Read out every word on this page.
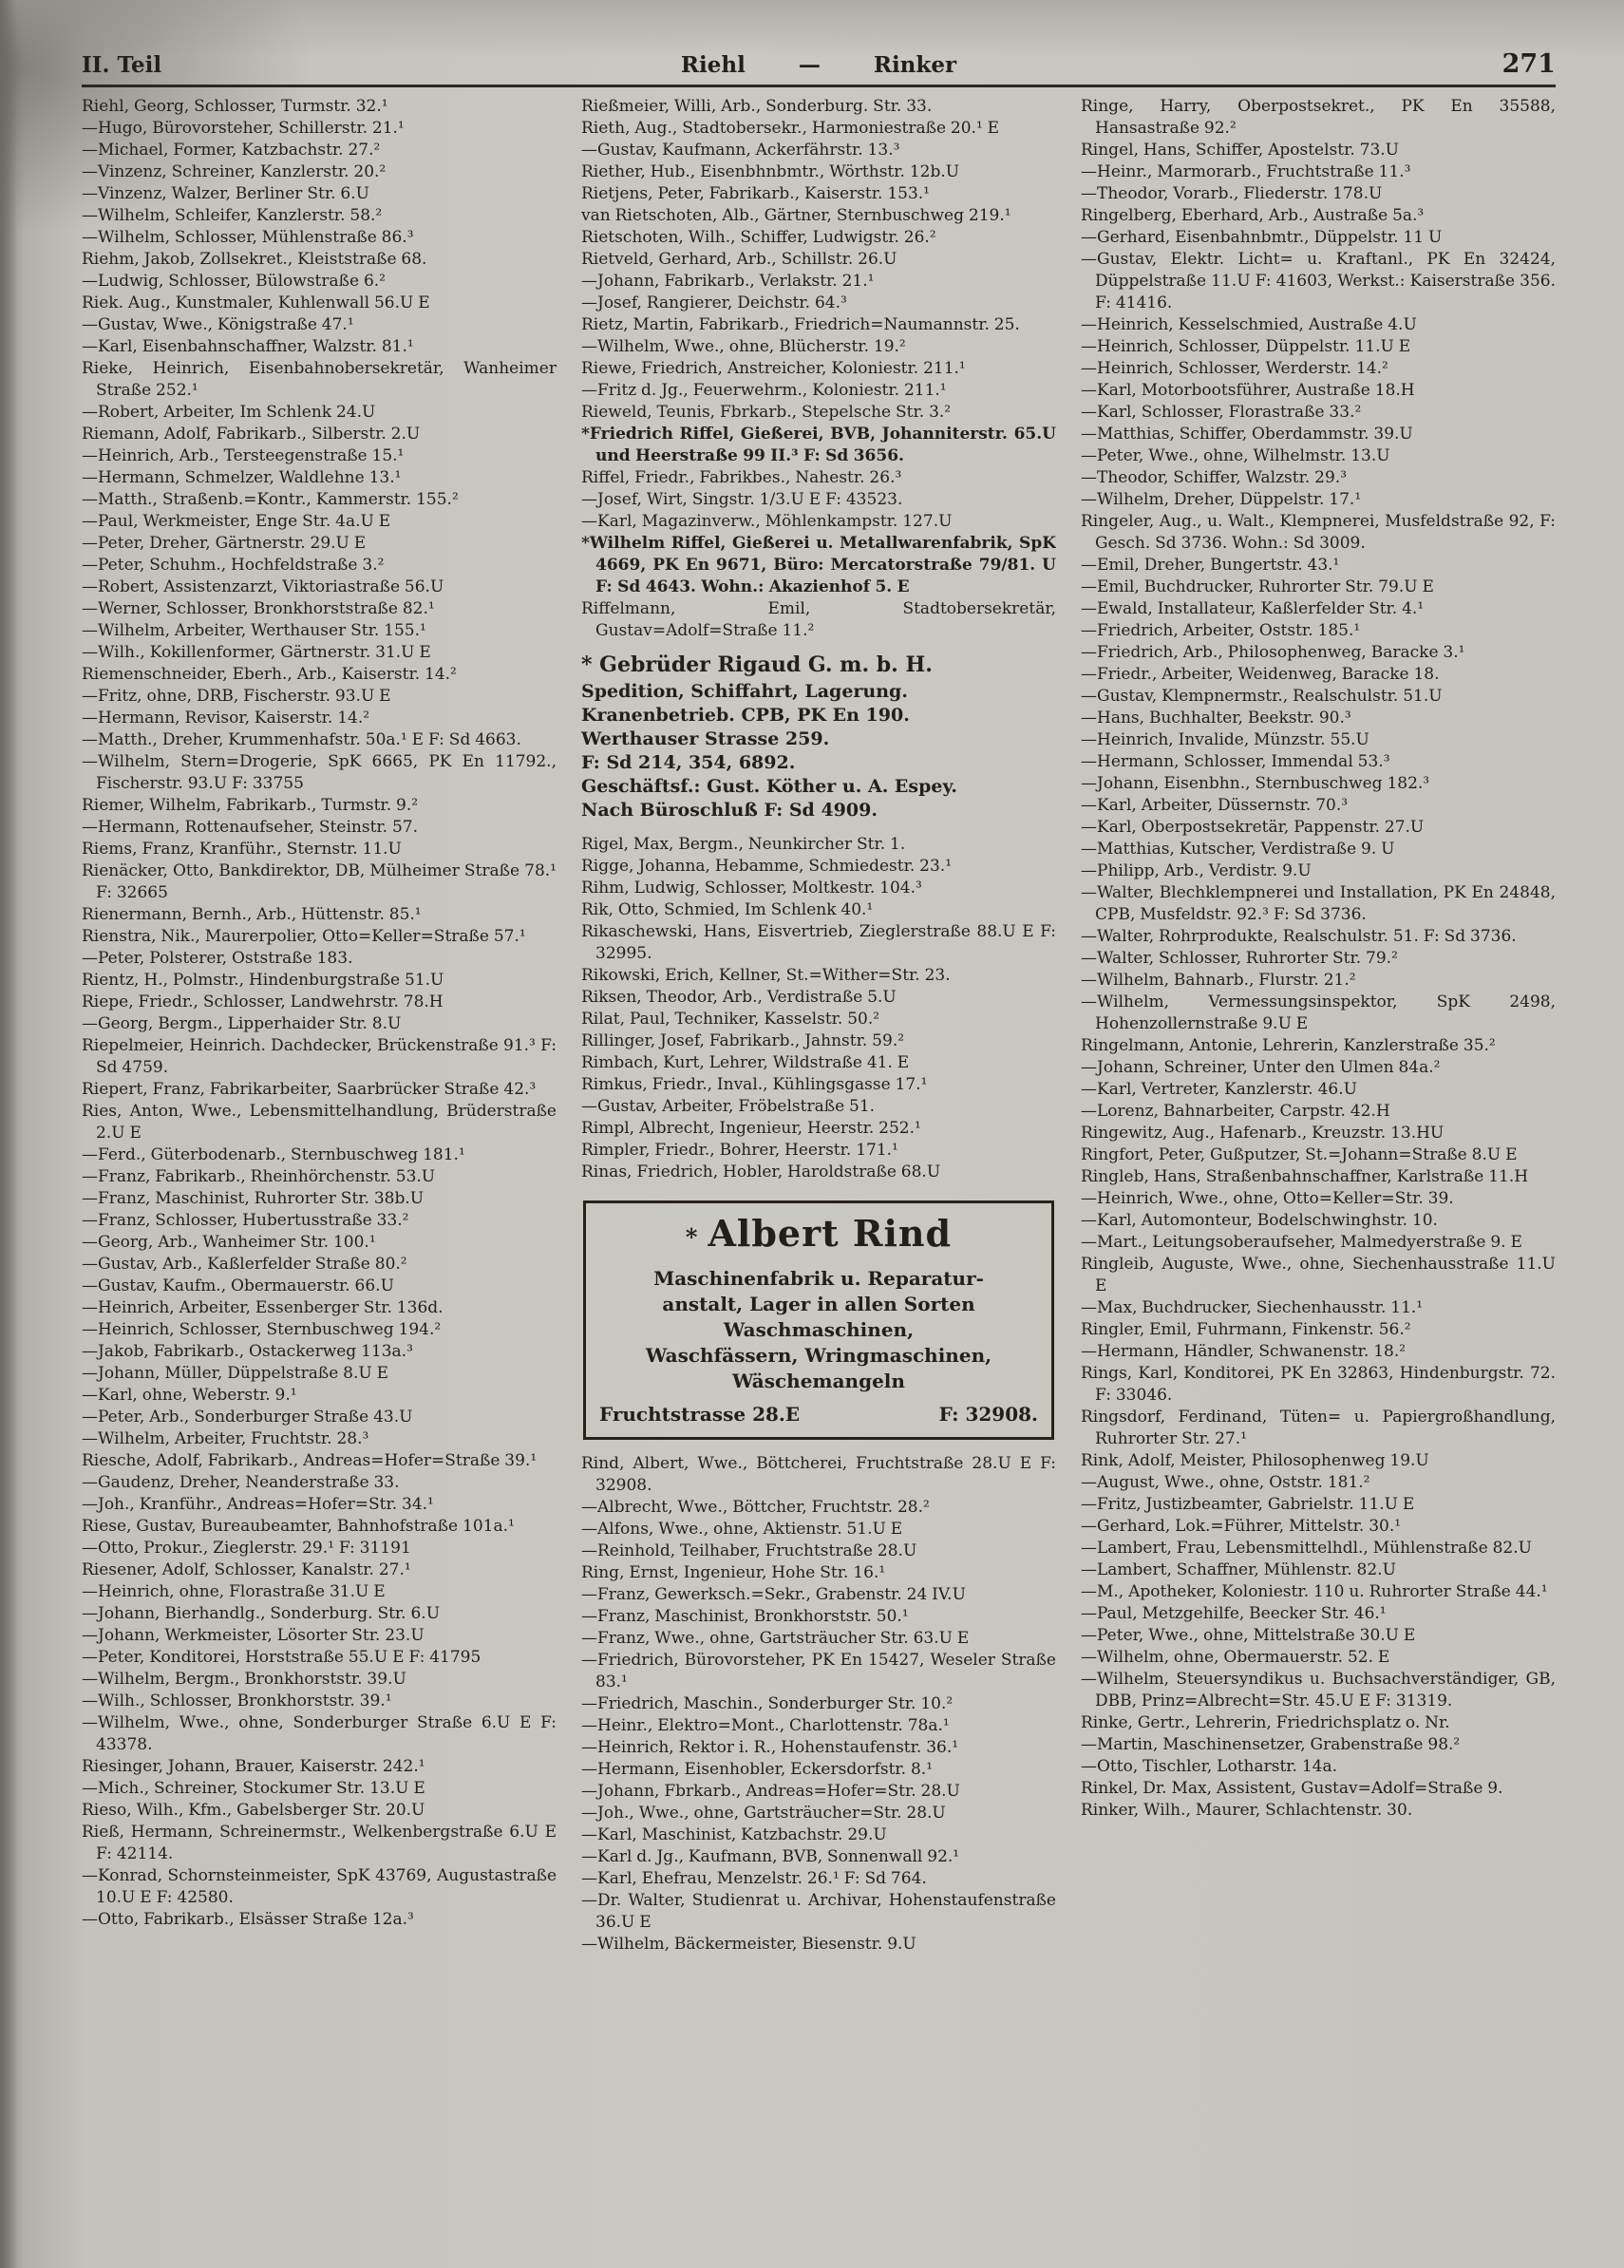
II. Teil	Riehl — Rinker	271

Riehl, Georg, Schlosser, Turmstr. 32.¹

—Hugo, Bürovorsteher, Schillerstr. 21.¹

—Michael, Former, Katzbachstr. 27.²

—Vinzenz, Schreiner, Kanzlerstr. 20.²

—Vinzenz, Walzer, Berliner Str. 6.U

—Wilhelm, Schleifer, Kanzlerstr. 58.²

—Wilhelm, Schlosser, Mühlenstraße 86.³

Riehm, Jakob, Zollsekret., Kleiststraße 68.

—Ludwig, Schlosser, Bülowstraße 6.²

Riek. Aug., Kunstmaler, Kuhlenwall 56.U E

—Gustav, Wwe., Königstraße 47.¹

—Karl, Eisenbahnschaffner, Walzstr. 81.¹

Rieke, Heinrich, Eisenbahnobersekretär, Wanheimer Straße 252.¹

—Robert, Arbeiter, Im Schlenk 24.U

Riemann, Adolf, Fabrikarb., Silberstr. 2.U

—Heinrich, Arb., Tersteegenstraße 15.¹

—Hermann, Schmelzer, Waldlehne 13.¹

—Matth., Straßenb.=Kontr., Kammerstr. 155.²

—Paul, Werkmeister, Enge Str. 4a.U E

—Peter, Dreher, Gärtnerstr. 29.U E

—Peter, Schuhm., Hochfeldstraße 3.²

—Robert, Assistenzarzt, Viktoriastraße 56.U

—Werner, Schlosser, Bronkhorststraße 82.¹

—Wilhelm, Arbeiter, Werthauser Str. 155.¹

—Wilh., Kokillenformer, Gärtnerstr. 31.U E

Riemenschneider, Eberh., Arb., Kaiserstr. 14.²

—Fritz, ohne, DRB, Fischerstr. 93.U E

—Hermann, Revisor, Kaiserstr. 14.²

—Matth., Dreher, Krummenhafstr. 50a.¹ E F: Sd 4663.

—Wilhelm, Stern=Drogerie, SpK 6665, PK En 11792., Fischerstr. 93.U F: 33755

Riemer, Wilhelm, Fabrikarb., Turmstr. 9.²

—Hermann, Rottenaufseher, Steinstr. 57.

Riems, Franz, Kranführ., Sternstr. 11.U

Rienäcker, Otto, Bankdirektor, DB, Mülheimer Straße 78.¹ F: 32665

Rienermann, Bernh., Arb., Hüttenstr. 85.¹

Rienstra, Nik., Maurerpolier, Otto=Keller=Straße 57.¹

—Peter, Polsterer, Oststraße 183.

Rientz, H., Polmstr., Hindenburgstraße 51.U

Riepe, Friedr., Schlosser, Landwehrstr. 78.H

—Georg, Bergm., Lipperhaider Str. 8.U

Riepelmeier, Heinrich. Dachdecker, Brückenstraße 91.³ F: Sd 4759.

Riepert, Franz, Fabrikarbeiter, Saarbrücker Straße 42.³

Ries, Anton, Wwe., Lebensmittelhandlung, Brüderstraße 2.U E

—Ferd., Güterbodenarb., Sternbuschweg 181.¹

—Franz, Fabrikarb., Rheinhörchenstr. 53.U

—Franz, Maschinist, Ruhrorter Str. 38b.U

—Franz, Schlosser, Hubertusstraße 33.²

—Georg, Arb., Wanheimer Str. 100.¹

—Gustav, Arb., Kaßlerfelder Straße 80.²

—Gustav, Kaufm., Obermauerstr. 66.U

—Heinrich, Arbeiter, Essenberger Str. 136d.

—Heinrich, Schlosser, Sternbuschweg 194.²

—Jakob, Fabrikarb., Ostackerweg 113a.³

—Johann, Müller, Düppelstraße 8.U E

—Karl, ohne, Weberstr. 9.¹

—Peter, Arb., Sonderburger Straße 43.U

—Wilhelm, Arbeiter, Fruchtstr. 28.³

Riesche, Adolf, Fabrikarb., Andreas=Hofer=Straße 39.¹

—Gaudenz, Dreher, Neanderstraße 33.

—Joh., Kranführ., Andreas=Hofer=Str. 34.¹

Riese, Gustav, Bureaubeamter, Bahnhofstraße 101a.¹

—Otto, Prokur., Zieglerstr. 29.¹ F: 31191

Riesener, Adolf, Schlosser, Kanalstr. 27.¹

—Heinrich, ohne, Florastraße 31.U E

—Johann, Bierhandlg., Sonderburg. Str. 6.U

—Johann, Werkmeister, Lösorter Str. 23.U

—Peter, Konditorei, Horststraße 55.U E F: 41795

—Wilhelm, Bergm., Bronkhorststr. 39.U

—Wilh., Schlosser, Bronkhorststr. 39.¹

—Wilhelm, Wwe., ohne, Sonderburger Straße 6.U E F: 43378.

Riesinger, Johann, Brauer, Kaiserstr. 242.¹

—Mich., Schreiner, Stockumer Str. 13.U E

Rieso, Wilh., Kfm., Gabelsberger Str. 20.U

Rieß, Hermann, Schreinermstr., Welkenbergstraße 6.U E F: 42114.

—Konrad, Schornsteinmeister, SpK 43769, Augustastraße 10.U E F: 42580.

—Otto, Fabrikarb., Elsässer Straße 12a.³

Rießmeier, Willi, Arb., Sonderburg. Str. 33.

Rieth, Aug., Stadtobersekr., Harmoniestraße 20.¹ E

—Gustav, Kaufmann, Ackerfährstr. 13.³

Riether, Hub., Eisenbhnbmtr., Wörthstr. 12b.U

Rietjens, Peter, Fabrikarb., Kaiserstr. 153.¹

van Rietschoten, Alb., Gärtner, Sternbuschweg 219.¹

Rietschoten, Wilh., Schiffer, Ludwigstr. 26.²

Rietveld, Gerhard, Arb., Schillstr. 26.U

—Johann, Fabrikarb., Verlakstr. 21.¹

—Josef, Rangierer, Deichstr. 64.³

Rietz, Martin, Fabrikarb., Friedrich=Naumannstr. 25.

—Wilhelm, Wwe., ohne, Blücherstr. 19.²

Riewe, Friedrich, Anstreicher, Koloniestr. 211.¹

—Fritz d. Jg., Feuerwehrm., Koloniestr. 211.¹

Rieweld, Teunis, Fbrkarb., Stepelsche Str. 3.²

*Friedrich Riffel, Gießerei, BVB, Johanniterstr. 65.U und Heerstraße 99 II.³ F: Sd 3656.

Riffel, Friedr., Fabrikbes., Nahestr. 26.³

—Josef, Wirt, Singstr. 1/3.U E F: 43523.

—Karl, Magazinverw., Möhlenkampstr. 127.U

*Wilhelm Riffel, Gießerei u. Metallwarenfabrik, SpK 4669, PK En 9671, Büro: Mercatorstraße 79/81. U F: Sd 4643. Wohn.: Akazienhof 5. E

Riffelmann, Emil, Stadtobersekretär, Gustav=Adolf=Straße 11.²

* Gebrüder Rigaud G. m. b. H.

Spedition, Schiffahrt, Lagerung.

Kranenbetrieb. CPB, PK En 190.

Werthauser Strasse 259.

F: Sd 214, 354, 6892.

Geschäftsf.: Gust. Köther u. A. Espey.

Nach Büroschluß F: Sd 4909.

Rigel, Max, Bergm., Neunkircher Str. 1.

Rigge, Johanna, Hebamme, Schmiedestr. 23.¹

Rihm, Ludwig, Schlosser, Moltkestr. 104.³

Rik, Otto, Schmied, Im Schlenk 40.¹

Rikaschewski, Hans, Eisvertrieb, Zieglerstraße 88.U E F: 32995.

Rikowski, Erich, Kellner, St.=Wither=Str. 23.

Riksen, Theodor, Arb., Verdistraße 5.U

Rilat, Paul, Techniker, Kasselstr. 50.²

Rillinger, Josef, Fabrikarb., Jahnstr. 59.²

Rimbach, Kurt, Lehrer, Wildstraße 41. E

Rimkus, Friedr., Inval., Kühlingsgasse 17.¹

—Gustav, Arbeiter, Fröbelstraße 51.

Rimpl, Albrecht, Ingenieur, Heerstr. 252.¹

Rimpler, Friedr., Bohrer, Heerstr. 171.¹

Rinas, Friedrich, Hobler, Haroldstraße 68.U

* Albert Rind

Maschinenfabrik u. Reparatur-

anstalt, Lager in allen Sorten

Waschmaschinen,

Waschfässern, Wringmaschinen,

Wäschemangeln

Fruchtstrasse 28.E	F: 32908.

Rind, Albert, Wwe., Böttcherei, Fruchtstraße 28.U E F: 32908.

—Albrecht, Wwe., Böttcher, Fruchtstr. 28.²

—Alfons, Wwe., ohne, Aktienstr. 51.U E

—Reinhold, Teilhaber, Fruchtstraße 28.U

Ring, Ernst, Ingenieur, Hohe Str. 16.¹

—Franz, Gewerksch.=Sekr., Grabenstr. 24 IV.U

—Franz, Maschinist, Bronkhorststr. 50.¹

—Franz, Wwe., ohne, Gartsträucher Str. 63.U E

—Friedrich, Bürovorsteher, PK En 15427, Weseler Straße 83.¹

—Friedrich, Maschin., Sonderburger Str. 10.²

—Heinr., Elektro=Mont., Charlottenstr. 78a.¹

—Heinrich, Rektor i. R., Hohenstaufenstr. 36.¹

—Hermann, Eisenhobler, Eckersdorfstr. 8.¹

—Johann, Fbrkarb., Andreas=Hofer=Str. 28.U

—Joh., Wwe., ohne, Gartsträucher=Str. 28.U

—Karl, Maschinist, Katzbachstr. 29.U

—Karl d. Jg., Kaufmann, BVB, Sonnenwall 92.¹

—Karl, Ehefrau, Menzelstr. 26.¹ F: Sd 764.

—Dr. Walter, Studienrat u. Archivar, Hohenstaufenstraße 36.U E

—Wilhelm, Bäckermeister, Biesenstr. 9.U

Ringe, Harry, Oberpostsekret., PK En 35588, Hansastraße 92.²

Ringel, Hans, Schiffer, Apostelstr. 73.U

—Heinr., Marmorarb., Fruchtstraße 11.³

—Theodor, Vorarb., Fliederstr. 178.U

Ringelberg, Eberhard, Arb., Austraße 5a.³

—Gerhard, Eisenbahnbmtr., Düppelstr. 11 U

—Gustav, Elektr. Licht= u. Kraftanl., PK En 32424, Düppelstraße 11.U F: 41603, Werkst.: Kaiserstraße 356. F: 41416.

—Heinrich, Kesselschmied, Austraße 4.U

—Heinrich, Schlosser, Düppelstr. 11.U E

—Heinrich, Schlosser, Werderstr. 14.²

—Karl, Motorbootsführer, Austraße 18.H

—Karl, Schlosser, Florastraße 33.²

—Matthias, Schiffer, Oberdammstr. 39.U

—Peter, Wwe., ohne, Wilhelmstr. 13.U

—Theodor, Schiffer, Walzstr. 29.³

—Wilhelm, Dreher, Düppelstr. 17.¹

Ringeler, Aug., u. Walt., Klempnerei, Musfeldstraße 92, F: Gesch. Sd 3736. Wohn.: Sd 3009.

—Emil, Dreher, Bungertstr. 43.¹

—Emil, Buchdrucker, Ruhrorter Str. 79.U E

—Ewald, Installateur, Kaßlerfelder Str. 4.¹

—Friedrich, Arbeiter, Oststr. 185.¹

—Friedrich, Arb., Philosophenweg, Baracke 3.¹

—Friedr., Arbeiter, Weidenweg, Baracke 18.

—Gustav, Klempnermstr., Realschulstr. 51.U

—Hans, Buchhalter, Beekstr. 90.³

—Heinrich, Invalide, Münzstr. 55.U

—Hermann, Schlosser, Immendal 53.³

—Johann, Eisenbhn., Sternbuschweg 182.³

—Karl, Arbeiter, Düssernstr. 70.³

—Karl, Oberpostsekretär, Pappenstr. 27.U

—Matthias, Kutscher, Verdistraße 9. U

—Philipp, Arb., Verdistr. 9.U

—Walter, Blechklempnerei und Installation, PK En 24848, CPB, Musfeldstr. 92.³ F: Sd 3736.

—Walter, Rohrprodukte, Realschulstr. 51. F: Sd 3736.

—Walter, Schlosser, Ruhrorter Str. 79.²

—Wilhelm, Bahnarb., Flurstr. 21.²

—Wilhelm, Vermessungsinspektor, SpK 2498, Hohenzollernstraße 9.U E

Ringelmann, Antonie, Lehrerin, Kanzlerstraße 35.²

—Johann, Schreiner, Unter den Ulmen 84a.²

—Karl, Vertreter, Kanzlerstr. 46.U

—Lorenz, Bahnarbeiter, Carpstr. 42.H

Ringewitz, Aug., Hafenarb., Kreuzstr. 13.HU

Ringfort, Peter, Gußputzer, St.=Johann=Straße 8.U E

Ringleb, Hans, Straßenbahnschaffner, Karlstraße 11.H

—Heinrich, Wwe., ohne, Otto=Keller=Str. 39.

—Karl, Automonteur, Bodelschwinghstr. 10.

—Mart., Leitungsoberaufseher, Malmedyerstraße 9. E

Ringleib, Auguste, Wwe., ohne, Siechenhausstraße 11.U E

—Max, Buchdrucker, Siechenhausstr. 11.¹

Ringler, Emil, Fuhrmann, Finkenstr. 56.²

—Hermann, Händler, Schwanenstr. 18.²

Rings, Karl, Konditorei, PK En 32863, Hindenburgstr. 72. F: 33046.

Ringsdorf, Ferdinand, Tüten= u. Papiergroßhandlung, Ruhrorter Str. 27.¹

Rink, Adolf, Meister, Philosophenweg 19.U

—August, Wwe., ohne, Oststr. 181.²

—Fritz, Justizbeamter, Gabrielstr. 11.U E

—Gerhard, Lok.=Führer, Mittelstr. 30.¹

—Lambert, Frau, Lebensmittelhdl., Mühlenstraße 82.U

—Lambert, Schaffner, Mühlenstr. 82.U

—M., Apotheker, Koloniestr. 110 u. Ruhrorter Straße 44.¹

—Paul, Metzgehilfe, Beecker Str. 46.¹

—Peter, Wwe., ohne, Mittelstraße 30.U E

—Wilhelm, ohne, Obermauerstr. 52. E

—Wilhelm, Steuersyndikus u. Buchsachverständiger, GB, DBB, Prinz=Albrecht=Str. 45.U E F: 31319.

Rinke, Gertr., Lehrerin, Friedrichsplatz o. Nr.

—Martin, Maschinensetzer, Grabenstraße 98.²

—Otto, Tischler, Lotharstr. 14a.

Rinkel, Dr. Max, Assistent, Gustav=Adolf=Straße 9.

Rinker, Wilh., Maurer, Schlachtenstr. 30.
